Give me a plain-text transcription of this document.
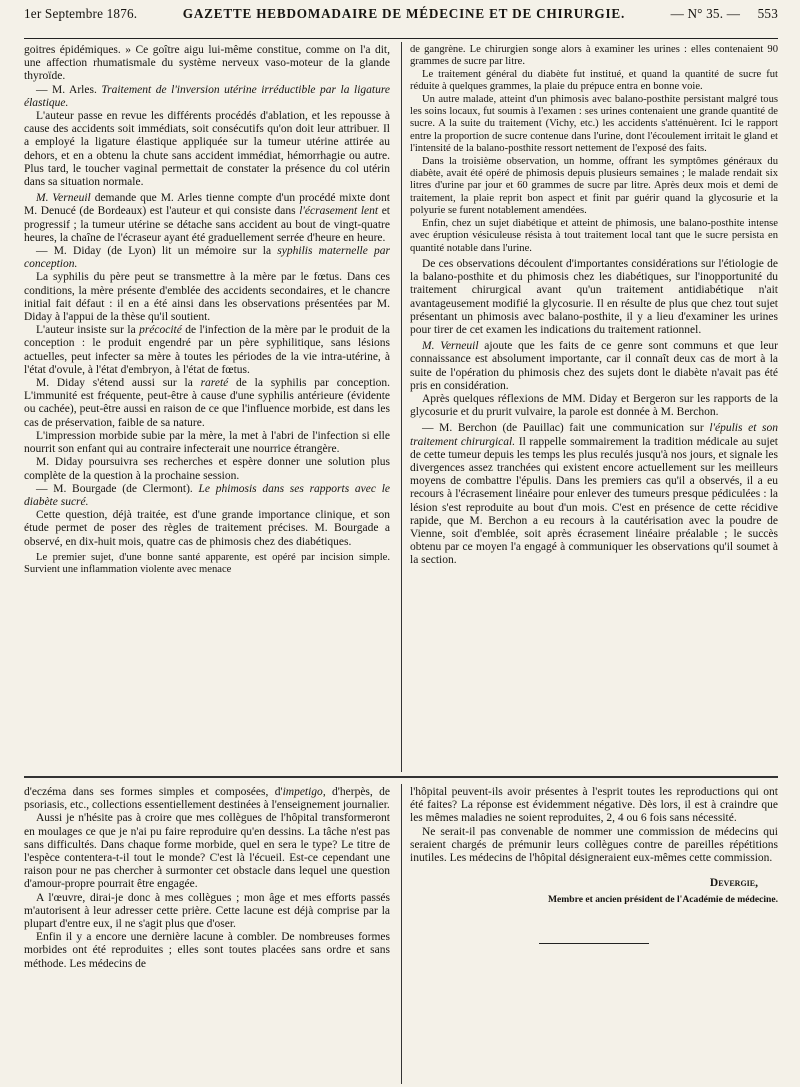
1er Septembre 1876.	GAZETTE HEBDOMADAIRE DE MÉDECINE ET DE CHIRURGIE.	— N° 35. — 553

goitres épidémiques. » Ce goître aigu lui-même constitue, comme on l'a dit, une affection rhumatismale du système nerveux vaso-moteur de la glande thyroïde.

— M. Arles. Traitement de l'inversion utérine irréductible par la ligature élastique.

L'auteur passe en revue les différents procédés d'ablation, et les repousse à cause des accidents soit immédiats, soit consécutifs qu'on doit leur attribuer. Il a employé la ligature élastique appliquée sur la tumeur utérine attirée au dehors, et en a obtenu la chute sans accident immédiat, hémorrhagie ou autre. Plus tard, le toucher vaginal permettait de constater la présence du col utérin dans sa situation normale.

M. Verneuil demande que M. Arles tienne compte d'un procédé mixte dont M. Denucé (de Bordeaux) est l'auteur et qui consiste dans l'écrasement lent et progressif ; la tumeur utérine se détache sans accident au bout de vingt-quatre heures, la chaîne de l'écraseur ayant été graduellement serrée d'heure en heure.

— M. Diday (de Lyon) lit un mémoire sur la syphilis maternelle par conception.

La syphilis du père peut se transmettre à la mère par le fœtus. Dans ces conditions, la mère présente d'emblée des accidents secondaires, et le chancre initial fait défaut : il en a été ainsi dans les observations présentées par M. Diday à l'appui de la thèse qu'il soutient.

L'auteur insiste sur la précocité de l'infection de la mère par le produit de la conception : le produit engendré par un père syphilitique, sans lésions actuelles, peut infecter sa mère à toutes les périodes de la vie intra-utérine, à l'état d'ovule, à l'état d'embryon, à l'état de fœtus.

M. Diday s'étend aussi sur la rareté de la syphilis par conception. L'immunité est fréquente, peut-être à cause d'une syphilis antérieure (évidente ou cachée), peut-être aussi en raison de ce que l'influence morbide, est dans les cas de préservation, faible de sa nature.

L'impression morbide subie par la mère, la met à l'abri de l'infection si elle nourrit son enfant qui au contraire infecterait une nourrice étrangère.

M. Diday poursuivra ses recherches et espère donner une solution plus complète de la question à la prochaine session.

— M. Bourgade (de Clermont). Le phimosis dans ses rapports avec le diabète sucré.

Cette question, déjà traitée, est d'une grande importance clinique, et son étude permet de poser des règles de traitement précises. M. Bourgade a observé, en dix-huit mois, quatre cas de phimosis chez des diabétiques.

Le premier sujet, d'une bonne santé apparente, est opéré par incision simple. Survient une inflammation violente avec menace

de gangrène. Le chirurgien songe alors à examiner les urines : elles contenaient 90 grammes de sucre par litre.

Le traitement général du diabète fut institué, et quand la quantité de sucre fut réduite à quelques grammes, la plaie du prépuce entra en bonne voie.

Un autre malade, atteint d'un phimosis avec balano-posthite persistant malgré tous les soins locaux, fut soumis à l'examen : ses urines contenaient une grande quantité de sucre. A la suite du traitement (Vichy, etc.) les accidents s'atténuèrent. Ici le rapport entre la proportion de sucre contenue dans l'urine, dont l'écoulement irritait le gland et l'intensité de la balano-posthite ressort nettement de l'exposé des faits.

Dans la troisième observation, un homme, offrant les symptômes généraux du diabète, avait été opéré de phimosis depuis plusieurs semaines ; le malade rendait six litres d'urine par jour et 60 grammes de sucre par litre. Après deux mois et demi de traitement, la plaie reprit bon aspect et finit par guérir quand la glycosurie et la polyurie se furent notablement amendées.

Enfin, chez un sujet diabétique et atteint de phimosis, une balano-posthite intense avec éruption vésiculeuse résista à tout traitement local tant que le sucre persista en quantité notable dans l'urine.

De ces observations découlent d'importantes considérations sur l'étiologie de la balano-posthite et du phimosis chez les diabétiques, sur l'inopportunité du traitement chirurgical avant qu'un traitement antidiabétique n'ait avantageusement modifié la glycosurie. Il en résulte de plus que chez tout sujet présentant un phimosis avec balano-posthite, il y a lieu d'examiner les urines pour tirer de cet examen les indications du traitement rationnel.

M. Verneuil ajoute que les faits de ce genre sont communs et que leur connaissance est absolument importante, car il connaît deux cas de mort à la suite de l'opération du phimosis chez des sujets dont le diabète n'avait pas été pris en considération.

Après quelques réflexions de MM. Diday et Bergeron sur les rapports de la glycosurie et du prurit vulvaire, la parole est donnée à M. Berchon.

— M. Berchon (de Pauillac) fait une communication sur l'épulis et son traitement chirurgical. Il rappelle sommairement la tradition médicale au sujet de cette tumeur depuis les temps les plus reculés jusqu'à nos jours, et signale les divergences assez tranchées qui existent encore actuellement sur les meilleurs moyens de combattre l'épulis. Dans les premiers cas qu'il a observés, il a eu recours à l'écrasement linéaire pour enlever des tumeurs presque pédiculées : la lésion s'est reproduite au bout d'un mois. C'est en présence de cette récidive rapide, que M. Berchon a eu recours à la cautérisation avec la poudre de Vienne, soit d'emblée, soit après écrasement linéaire préalable ; le succès obtenu par ce moyen l'a engagé à communiquer les observations qu'il soumet à la section.

d'eczéma dans ses formes simples et composées, d'impetigo, d'herpès, de psoriasis, etc., collections essentiellement destinées à l'enseignement journalier.

Aussi je n'hésite pas à croire que mes collègues de l'hôpital transformeront en moulages ce que je n'ai pu faire reproduire qu'en dessins. La tâche n'est pas sans difficultés. Dans chaque forme morbide, quel en sera le type? Le titre de l'espèce contentera-t-il tout le monde? C'est là l'écueil. Est-ce cependant une raison pour ne pas chercher à surmonter cet obstacle dans lequel une question d'amour-propre pourrait être engagée.

A l'œuvre, dirai-je donc à mes collègues ; mon âge et mes efforts passés m'autorisent à leur adresser cette prière. Cette lacune est déjà comprise par la plupart d'entre eux, il ne s'agit plus que d'oser.

Enfin il y a encore une dernière lacune à combler. De nombreuses formes morbides ont été reproduites ; elles sont toutes placées sans ordre et sans méthode. Les médecins de

l'hôpital peuvent-ils avoir présentes à l'esprit toutes les reproductions qui ont été faites? La réponse est évidemment négative. Dès lors, il est à craindre que les mêmes maladies ne soient reproduites, 2, 4 ou 6 fois sans nécessité.

Ne serait-il pas convenable de nommer une commission de médecins qui seraient chargés de prémunir leurs collègues contre de pareilles répétitions inutiles. Les médecins de l'hôpital désigneraient eux-mêmes cette commission.

Devergie,
Membre et ancien président de l'Académie de médecine.
